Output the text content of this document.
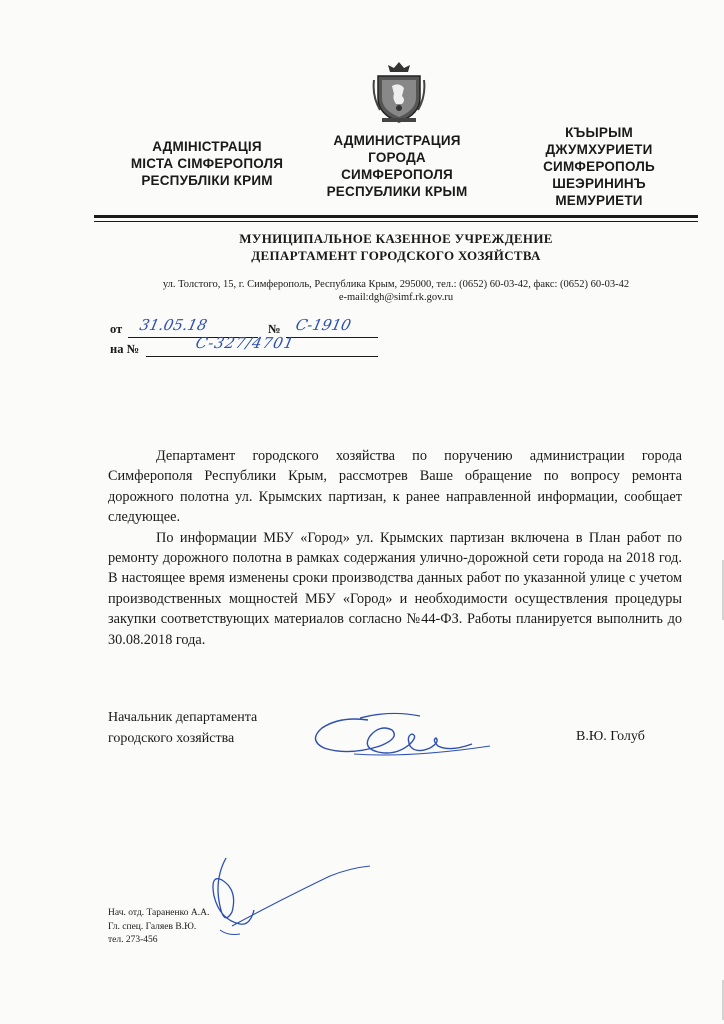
АДМІНІСТРАЦІЯ
МІСТА СІМФЕРОПОЛЯ
РЕСПУБЛІКИ КРИМ
АДМИНИСТРАЦИЯ
ГОРОДА
СИМФЕРОПОЛЯ
РЕСПУБЛИКИ КРЫМ
КЪЫРЫМ
ДЖУМХУРИЕТИ
СИМФЕРОПОЛЬ
ШЕЭРИНИНЪ
МЕМУРИЕТИ
МУНИЦИПАЛЬНОЕ КАЗЕННОЕ УЧРЕЖДЕНИЕ
ДЕПАРТАМЕНТ ГОРОДСКОГО ХОЗЯЙСТВА
ул. Толстого, 15, г. Симферополь, Республика Крым, 295000, тел.: (0652) 60-03-42, факс: (0652) 60-03-42
e-mail:dgh@simf.rk.gov.ru
от 31.05.18	№ С-1910
на №	С-327/4701

Департамент городского хозяйства по поручению администрации города Симферополя Республики Крым, рассмотрев Ваше обращение по вопросу ремонта дорожного полотна ул. Крымских партизан, к ранее направленной информации, сообщает следующее.

По информации МБУ «Город» ул. Крымских партизан включена в План работ по ремонту дорожного полотна в рамках содержания улично-дорожной сети города на 2018 год. В настоящее время изменены сроки производства данных работ по указанной улице с учетом производственных мощностей МБУ «Город» и необходимости осуществления процедуры закупки соответствующих материалов согласно №44-ФЗ. Работы планируется выполнить до 30.08.2018 года.

Начальник департамента
городского хозяйства	В.Ю. Голуб
Нач. отд. Тараненко А.А.
Гл. спец. Галяев В.Ю.
тел. 273-456
